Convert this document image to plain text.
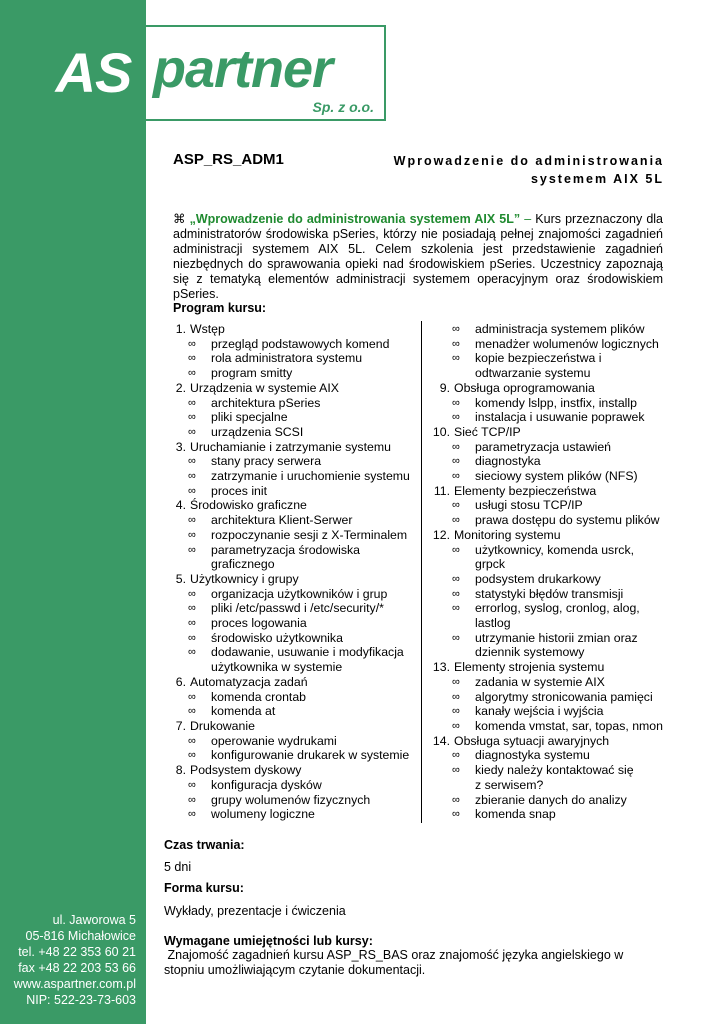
ul. Jaworowa 5
05-816 Michałowice
tel. +48 22 353 60 21
fax +48 22 203 53 66
www.aspartner.com.pl
NIP: 522-23-73-603
AS partner
Sp. z o.o.
ASP_RS_ADM1	Wprowadzenie do administrowania
systemem AIX 5L
⌘ „Wprowadzenie do administrowania systemem AIX 5L” – Kurs przeznaczony dla administratorów środowiska pSeries, którzy nie posiadają pełnej znajomości zagadnień administracji systemem AIX 5L. Celem szkolenia jest przedstawienie zagadnień niezbędnych do sprawowania opieki nad środowiskiem pSeries. Uczestnicy zapoznają się z tematyką elementów administracji systemem operacyjnym oraz środowiskiem pSeries.
Program kursu:
1. Wstęp
∞ przegląd podstawowych komend
∞ rola administratora systemu
∞ program smitty
2. Urządzenia w systemie AIX
∞ architektura pSeries
∞ pliki specjalne
∞ urządzenia SCSI
3. Uruchamianie i zatrzymanie systemu
∞ stany pracy serwera
∞ zatrzymanie i uruchomienie systemu
∞ proces init
4. Środowisko graficzne
∞ architektura Klient-Serwer
∞ rozpoczynanie sesji z X-Terminalem
∞ parametryzacja środowiska
graficznego
5. Użytkownicy i grupy
∞ organizacja użytkowników i grup
∞ pliki /etc/passwd i /etc/security/*
∞ proces logowania
∞ środowisko użytkownika
∞ dodawanie, usuwanie i modyfikacja
użytkownika w systemie
6. Automatyzacja zadań
∞ komenda crontab
∞ komenda at
7. Drukowanie
∞ operowanie wydrukami
∞ konfigurowanie drukarek w systemie
8. Podsystem dyskowy
∞ konfiguracja dysków
∞ grupy wolumenów fizycznych
∞ wolumeny logiczne
∞ administracja systemem plików
∞ menadżer wolumenów logicznych
∞ kopie bezpieczeństwa i
odtwarzanie systemu
9. Obsługa oprogramowania
∞ komendy lslpp, instfix, installp
∞ instalacja i usuwanie poprawek
10. Sieć TCP/IP
∞ parametryzacja ustawień
∞ diagnostyka
∞ sieciowy system plików (NFS)
11. Elementy bezpieczeństwa
∞ usługi stosu TCP/IP
∞ prawa dostępu do systemu plików
12. Monitoring systemu
∞ użytkownicy, komenda usrck,
grpck
∞ podsystem drukarkowy
∞ statystyki błędów transmisji
∞ errorlog, syslog, cronlog, alog,
lastlog
∞ utrzymanie historii zmian oraz
dziennik systemowy
13. Elementy strojenia systemu
∞ zadania w systemie AIX
∞ algorytmy stronicowania pamięci
∞ kanały wejścia i wyjścia
∞ komenda vmstat, sar, topas, nmon
14. Obsługa sytuacji awaryjnych
∞ diagnostyka systemu
∞ kiedy należy kontaktować się
z serwisem?
∞ zbieranie danych do analizy
∞ komenda snap
Czas trwania:
5 dni
Forma kursu:
Wykłady, prezentacje i ćwiczenia
Wymagane umiejętności lub kursy:
Znajomość zagadnień kursu ASP_RS_BAS oraz znajomość języka angielskiego w stopniu umożliwiającym czytanie dokumentacji.
